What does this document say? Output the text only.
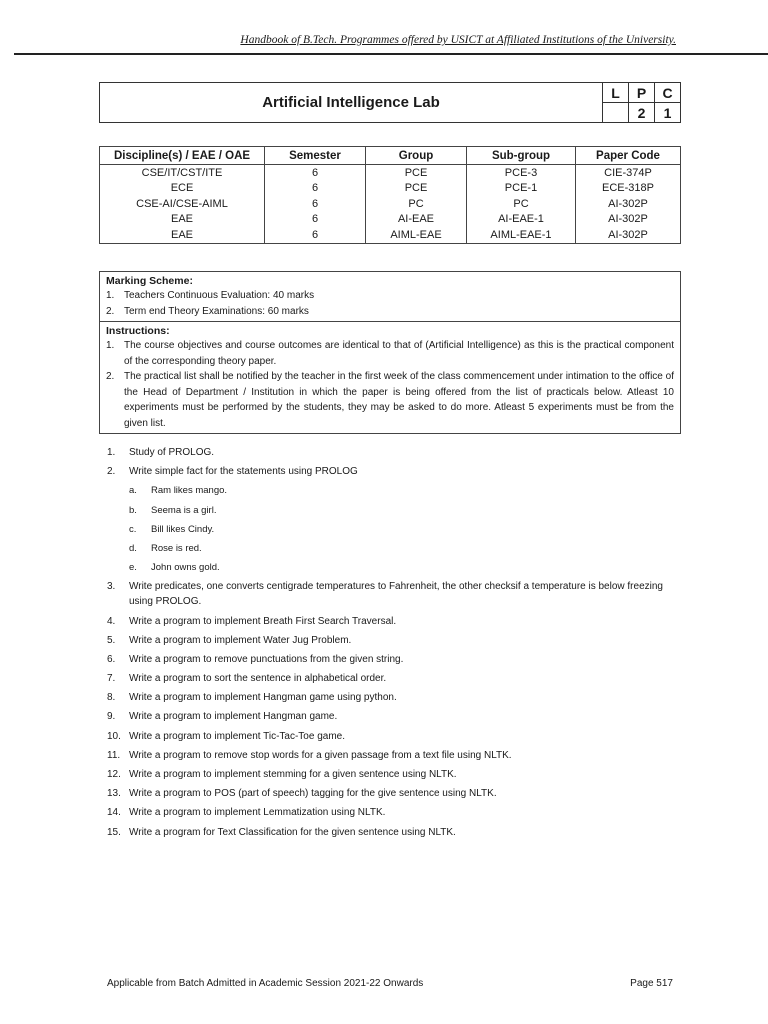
Handbook of B.Tech. Programmes offered by USICT at Affiliated Institutions of the University.
Artificial Intelligence Lab	L	P	C
		2	1
Discipline(s) / EAE / OAE	Semester	Group	Sub-group	Paper Code
CSE/IT/CST/ITE	6	PCE	PCE-3	CIE-374P
ECE	6	PCE	PCE-1	ECE-318P
CSE-AI/CSE-AIML	6	PC	PC	AI-302P
EAE	6	AI-EAE	AI-EAE-1	AI-302P
EAE	6	AIML-EAE	AIML-EAE-1	AI-302P
Marking Scheme:
1. Teachers Continuous Evaluation: 40 marks
2. Term end Theory Examinations: 60 marks
Instructions:
1. The course objectives and course outcomes are identical to that of (Artificial Intelligence) as this is the practical component of the corresponding theory paper.
2. The practical list shall be notified by the teacher in the first week of the class commencement under intimation to the office of the Head of Department / Institution in which the paper is being offered from the list of practicals below. Atleast 10 experiments must be performed by the students, they may be asked to do more. Atleast 5 experiments must be from the given list.
1.	Study of PROLOG.
2.	Write simple fact for the statements using PROLOG
a.	Ram likes mango.
b.	Seema is a girl.
c.	Bill likes Cindy.
d.	Rose is red.
e.	John owns gold.
3.	Write predicates, one converts centigrade temperatures to Fahrenheit, the other checksif a temperature is below freezing using PROLOG.
4.	Write a program to implement Breath First Search Traversal.
5.	Write a program to implement Water Jug Problem.
6.	Write a program to remove punctuations from the given string.
7.	Write a program to sort the sentence in alphabetical order.
8.	Write a program to implement Hangman game using python.
9.	Write a program to implement Hangman game.
10. Write a program to implement Tic-Tac-Toe game.
11. Write a program to remove stop words for a given passage from a text file using NLTK.
12. Write a program to implement stemming for a given sentence using NLTK.
13. Write a program to POS (part of speech) tagging for the give sentence using NLTK.
14. Write a program to implement Lemmatization using NLTK.
15. Write a program for Text Classification for the given sentence using NLTK.
Applicable from Batch Admitted in Academic Session 2021-22 Onwards	Page 517
